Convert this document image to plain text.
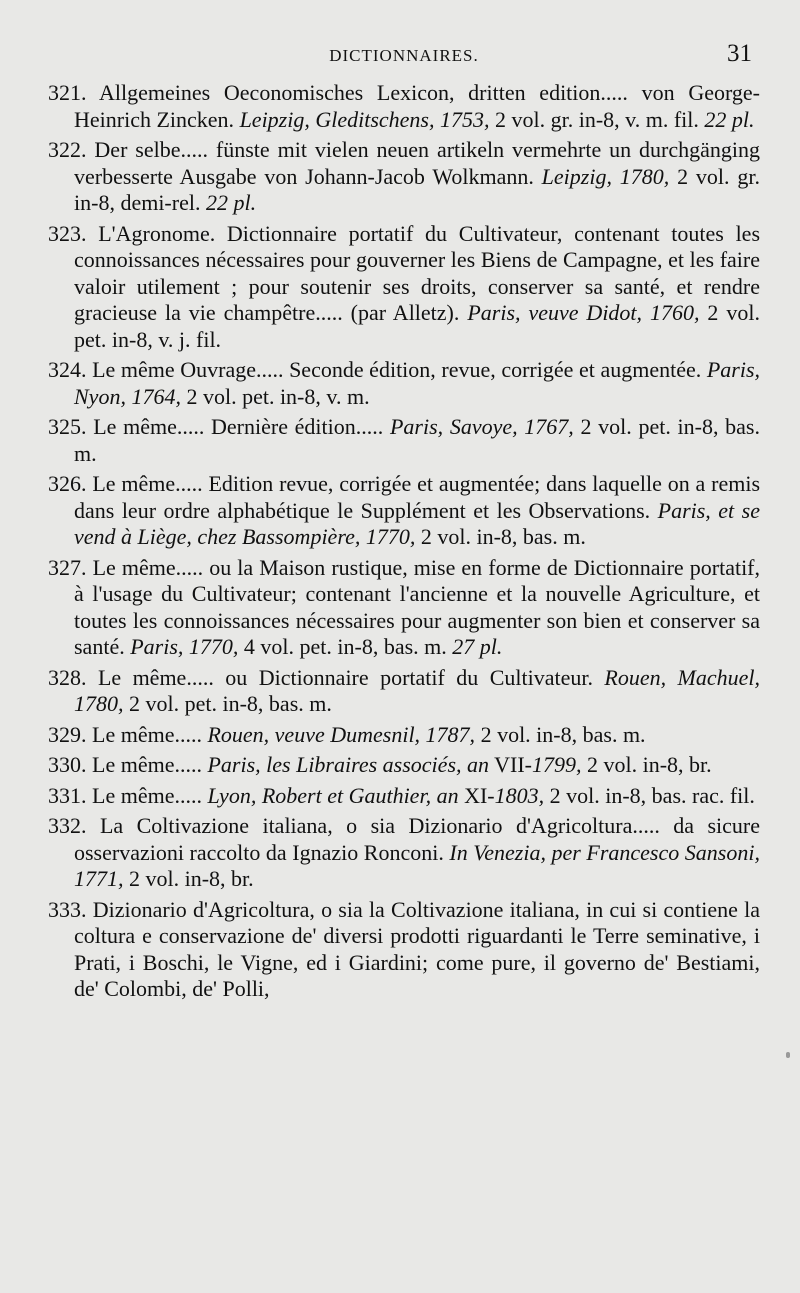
DICTIONNAIRES.	31

321. Allgemeines Oeconomisches Lexicon, dritten edition..... von George-Heinrich Zincken. Leipzig, Gleditschens, 1753, 2 vol. gr. in-8, v. m. fil. 22 pl.

322. Der selbe..... fünste mit vielen neuen artikeln vermehrte un durchgänging verbesserte Ausgabe von Johann-Jacob Wolkmann. Leipzig, 1780, 2 vol. gr. in-8, demi-rel. 22 pl.

323. L'Agronome. Dictionnaire portatif du Cultivateur, contenant toutes les connoissances nécessaires pour gouverner les Biens de Campagne, et les faire valoir utilement ; pour soutenir ses droits, conserver sa santé, et rendre gracieuse la vie champêtre..... (par Alletz). Paris, veuve Didot, 1760, 2 vol. pet. in-8, v. j. fil.

324. Le même Ouvrage..... Seconde édition, revue, corrigée et augmentée. Paris, Nyon, 1764, 2 vol. pet. in-8, v. m.

325. Le même..... Dernière édition..... Paris, Savoye, 1767, 2 vol. pet. in-8, bas. m.

326. Le même..... Edition revue, corrigée et augmentée; dans laquelle on a remis dans leur ordre alphabétique le Supplément et les Observations. Paris, et se vend à Liège, chez Bassompière, 1770, 2 vol. in-8, bas. m.

327. Le même..... ou la Maison rustique, mise en forme de Dictionnaire portatif, à l'usage du Cultivateur; contenant l'ancienne et la nouvelle Agriculture, et toutes les connoissances nécessaires pour augmenter son bien et conserver sa santé. Paris, 1770, 4 vol. pet. in-8, bas. m. 27 pl.

328. Le même..... ou Dictionnaire portatif du Cultivateur. Rouen, Machuel, 1780, 2 vol. pet. in-8, bas. m.

329. Le même..... Rouen, veuve Dumesnil, 1787, 2 vol. in-8, bas. m.

330. Le même..... Paris, les Libraires associés, an VII-1799, 2 vol. in-8, br.

331. Le même..... Lyon, Robert et Gauthier, an XI-1803, 2 vol. in-8, bas. rac. fil.

332. La Coltivazione italiana, o sia Dizionario d'Agricoltura..... da sicure osservazioni raccolto da Ignazio Ronconi. In Venezia, per Francesco Sansoni, 1771, 2 vol. in-8, br.

333. Dizionario d'Agricoltura, o sia la Coltivazione italiana, in cui si contiene la coltura e conservazione de' diversi prodotti riguardanti le Terre seminative, i Prati, i Boschi, le Vigne, ed i Giardini; come pure, il governo de' Bestiami, de' Colombi, de' Polli,
